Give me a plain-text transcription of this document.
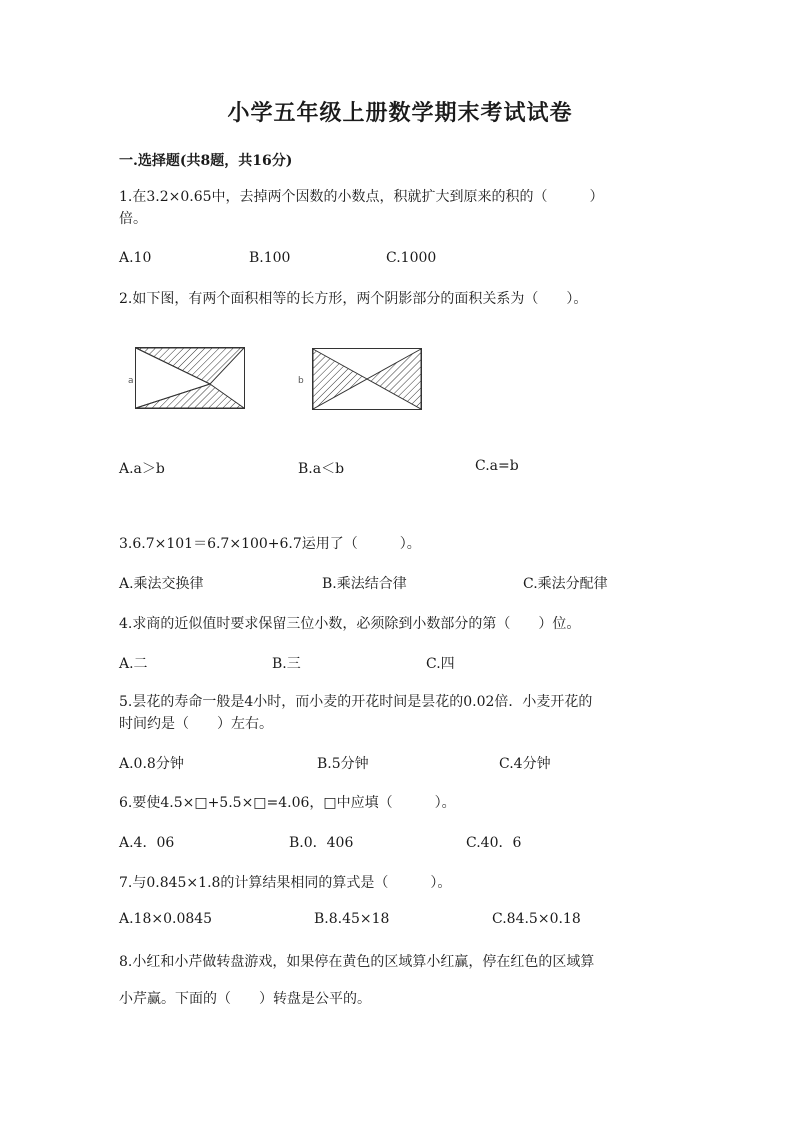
小学五年级上册数学期末考试试卷
一.选择题(共8题，共16分)
1.在3.2×0.65中，去掉两个因数的小数点，积就扩大到原来的积的（　　　）
倍。
A.10	B.100	C.1000
2.如下图，有两个面积相等的长方形，两个阴影部分的面积关系为（　　）。
a	b
A.a＞b	B.a＜b	C.a=b
3.6.7×101＝6.7×100+6.7运用了（　　　）。
A.乘法交换律	B.乘法结合律	C.乘法分配律
4.求商的近似值时要求保留三位小数，必须除到小数部分的第（　　）位。
A.二	B.三	C.四
5.昙花的寿命一般是4小时，而小麦的开花时间是昙花的0.02倍．小麦开花的
时间约是（　　）左右。
A.0.8分钟	B.5分钟	C.4分钟
6.要使4.5×□+5.5×□=4.06，□中应填（　　　）。
A.4．06	B.0．406	C.40．6
7.与0.845×1.8的计算结果相同的算式是（　　　）。
A.18×0.0845	B.8.45×18	C.84.5×0.18
8.小红和小芹做转盘游戏，如果停在黄色的区域算小红赢，停在红色的区域算
小芹赢。下面的（　　）转盘是公平的。
